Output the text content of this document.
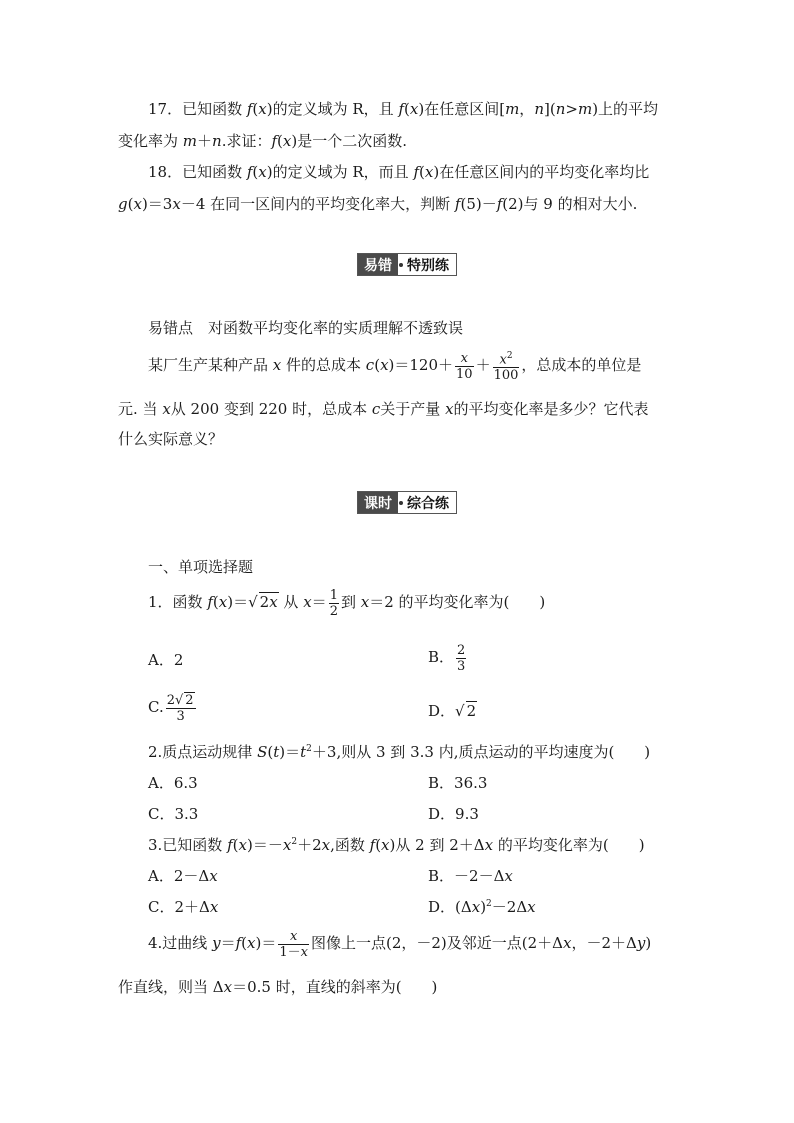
17．已知函数 f(x)的定义域为 R，且 f(x)在任意区间[m，n](n>m)上的平均
变化率为 m＋n.求证：f(x)是一个二次函数.
18．已知函数 f(x)的定义域为 R，而且 f(x)在任意区间内的平均变化率均比
g(x)＝3x－4 在同一区间内的平均变化率大，判断 f(5)－f(2)与 9 的相对大小.
易错	特别练
易错点　对函数平均变化率的实质理解不透致误
某厂生产某种产品 x 件的总成本 $c(x)=120+ \frac{x}{10} + \frac{x^2}{100}$ ，总成本的单位是
元. 当 x从 200 变到 220 时，总成本 c关于产量 x的平均变化率是多少？它代表
什么实际意义？
课时	综合练
一、单项选择题
1．函数 f(x)＝√ 2x 从 $x= \frac{1}{2}$ 到 x＝2 的平均变化率为(　　)
A．2	B． $\frac{2}{3}$
C. $\frac{2√ 2}{3}$	D．√ 2
2.质点运动规律 $S(t)=t^2+3$,则从 3 到 3.3 内,质点运动的平均速度为(　　)
A．6.3	B．36.3
C．3.3	D．9.3
3.已知函数 $f(x)=-x^2+2x$,函数 f(x)从 2 到 2＋Δx 的平均变化率为(　　)
A．2－Δx	B．－2－Δx
C．2＋Δx	D．$(\Delta x)^2-2\Delta x$
4.过曲线 $y=f(x)= \frac{x}{1-x}$ 图像上一点(2，－2)及邻近一点(2＋Δx，－2＋Δy)
作直线，则当 Δx＝0.5 时，直线的斜率为(　　)
